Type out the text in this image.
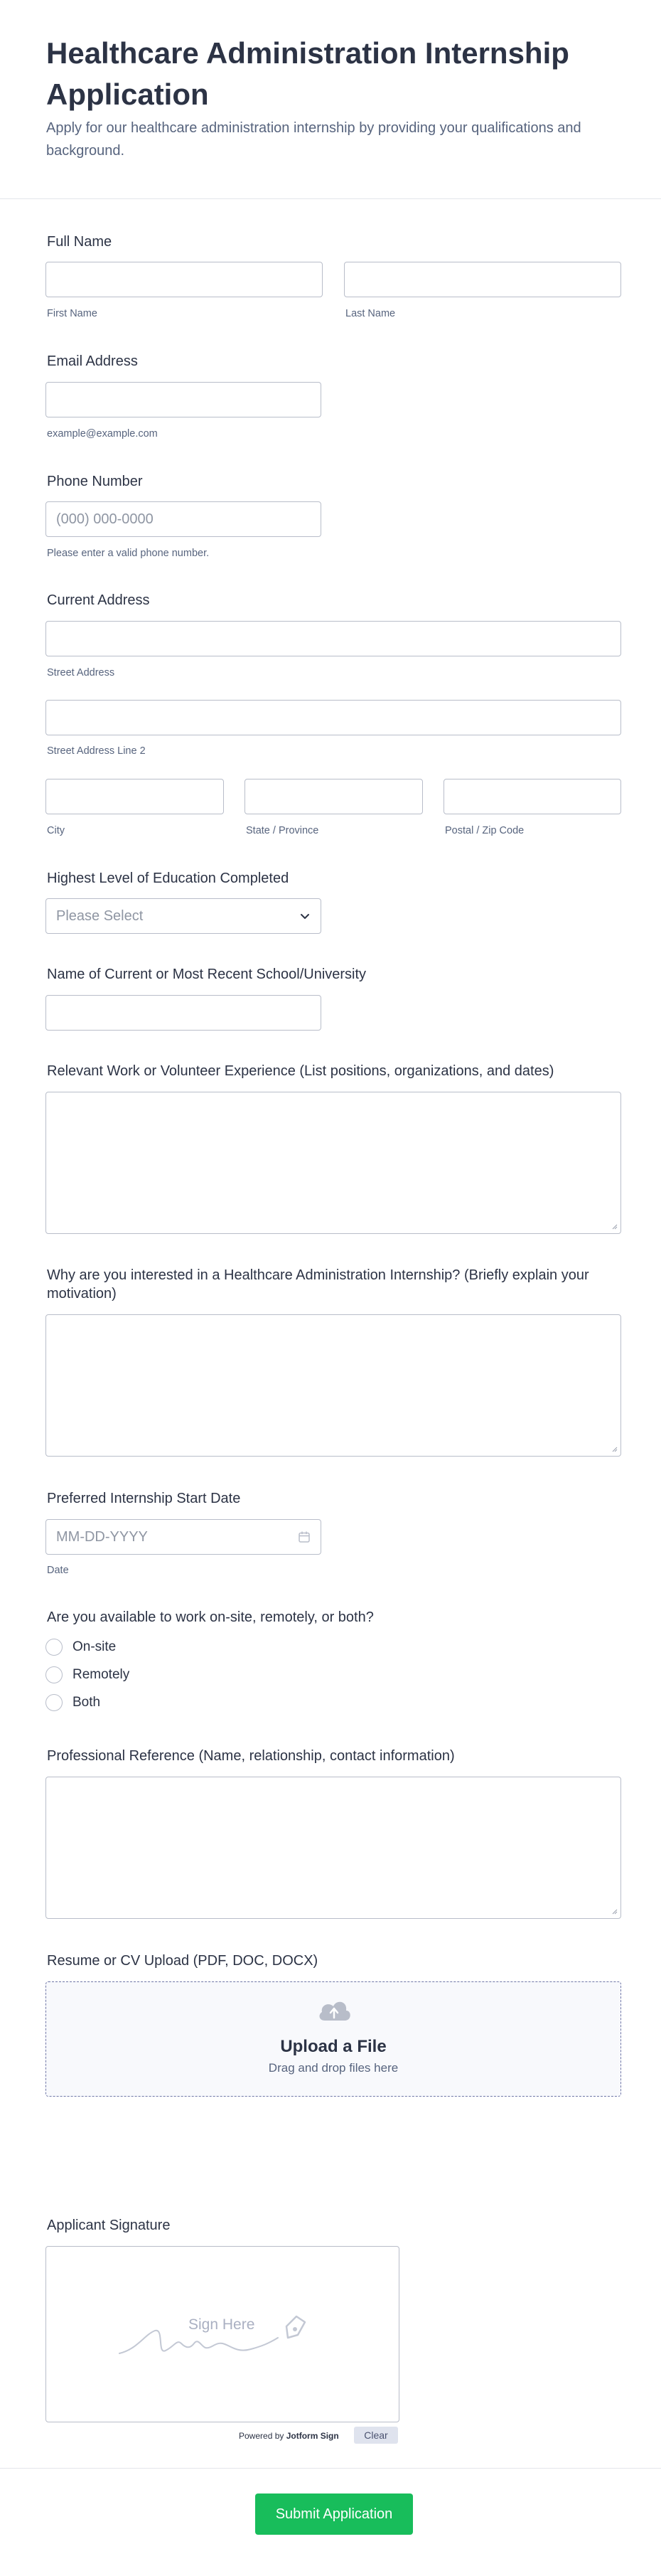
Healthcare Administration Internship Application

Apply for our healthcare administration internship by providing your qualifications and background.

Full Name
First Name	Last Name
Email Address
example@example.com
Phone Number
(000) 000-0000
Please enter a valid phone number.
Current Address
Street Address
Street Address Line 2
City	State / Province	Postal / Zip Code
Highest Level of Education Completed
Please Select
Name of Current or Most Recent School/University
Relevant Work or Volunteer Experience (List positions, organizations, and dates)
Why are you interested in a Healthcare Administration Internship? (Briefly explain your motivation)
Preferred Internship Start Date
MM-DD-YYYY
Date
Are you available to work on-site, remotely, or both?
On-site
Remotely
Both
Professional Reference (Name, relationship, contact information)
Resume or CV Upload (PDF, DOC, DOCX)
Upload a File
Drag and drop files here
Applicant Signature
Sign Here
Powered by Jotform Sign	Clear
Submit Application
